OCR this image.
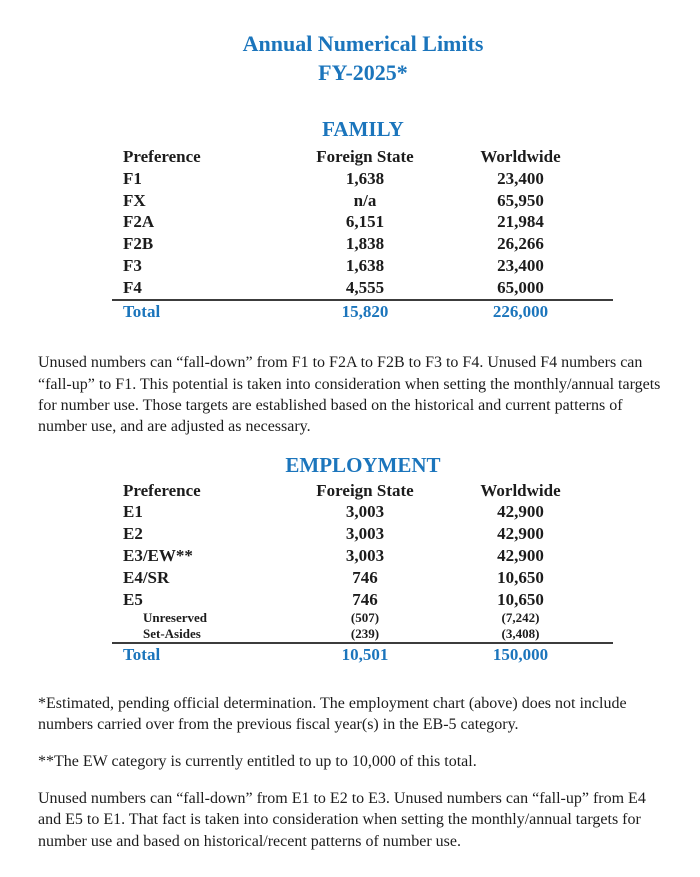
Annual Numerical Limits
FY-2025*
FAMILY
Preference	Foreign State	Worldwide
F1	1,638	23,400
FX	n/a	65,950
F2A	6,151	21,984
F2B	1,838	26,266
F3	1,638	23,400
F4	4,555	65,000
Total	15,820	226,000

Unused numbers can “fall-down” from F1 to F2A to F2B to F3 to F4. Unused F4 numbers can “fall-up” to F1. This potential is taken into consideration when setting the monthly/annual targets for number use. Those targets are established based on the historical and current patterns of number use, and are adjusted as necessary.

EMPLOYMENT
Preference	Foreign State	Worldwide
E1	3,003	42,900
E2	3,003	42,900
E3/EW**	3,003	42,900
E4/SR	746	10,650
E5	746	10,650
Unreserved	(507)	(7,242)
Set-Asides	(239)	(3,408)
Total	10,501	150,000

*Estimated, pending official determination. The employment chart (above) does not include numbers carried over from the previous fiscal year(s) in the EB-5 category.

**The EW category is currently entitled to up to 10,000 of this total.

Unused numbers can “fall-down” from E1 to E2 to E3. Unused numbers can “fall-up” from E4 and E5 to E1. That fact is taken into consideration when setting the monthly/annual targets for number use and based on historical/recent patterns of number use.
